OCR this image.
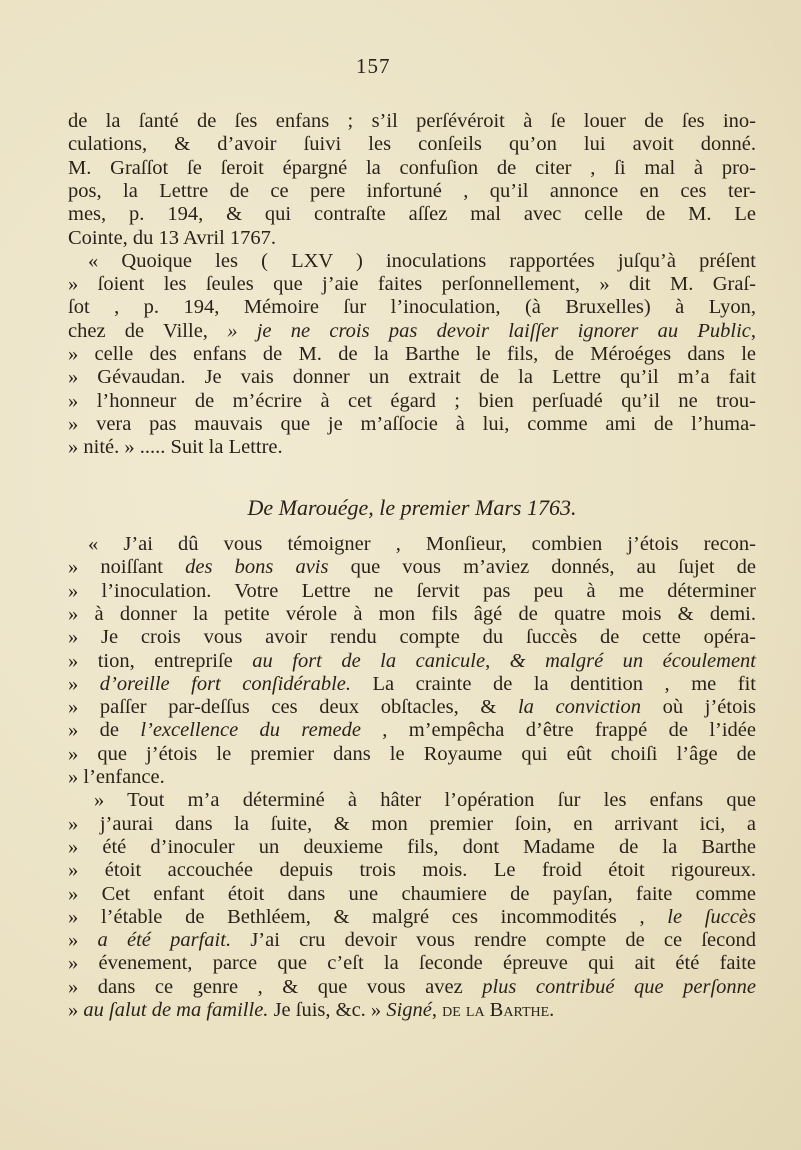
157
de la ſanté de ſes enfans ; s’il perſévéroit à ſe louer de ſes ino-
culations, & d’avoir ſuivi les conſeils qu’on lui avoit donné.
M. Graſſot ſe ſeroit épargné la confuſion de citer , ſi mal à pro-
pos, la Lettre de ce pere infortuné , qu’il annonce en ces ter-
mes, p. 194, & qui contraſte aſſez mal avec celle de M. Le
Cointe, du 13 Avril 1767.
« Quoique les ( LXV ) inoculations rapportées juſqu’à préſent
» ſoient les ſeules que j’aie faites perſonnellement, » dit M. Graſ-
ſot , p. 194, Mémoire ſur l’inoculation, (à Bruxelles) à Lyon,
chez de Ville, » je ne crois pas devoir laiſſer ignorer au Public,
» celle des enfans de M. de la Barthe le fils, de Méroéges dans le
» Gévaudan. Je vais donner un extrait de la Lettre qu’il m’a fait
» l’honneur de m’écrire à cet égard ; bien perſuadé qu’il ne trou-
» vera pas mauvais que je m’aſſocie à lui, comme ami de l’huma-
» nité. » ..... Suit la Lettre.
De Marouége, le premier Mars 1763.
« J’ai dû vous témoigner , Monſieur, combien j’étois recon-
» noiſſant des bons avis que vous m’aviez donnés, au ſujet de
» l’inoculation. Votre Lettre ne ſervit pas peu à me déterminer
» à donner la petite vérole à mon fils âgé de quatre mois & demi.
» Je crois vous avoir rendu compte du ſuccès de cette opéra-
» tion, entrepriſe au fort de la canicule, & malgré un écoulement
» d’oreille fort conſidérable. La crainte de la dentition , me fit
» paſſer par-deſſus ces deux obſtacles, & la conviction où j’étois
» de l’excellence du remede , m’empêcha d’être frappé de l’idée
» que j’étois le premier dans le Royaume qui eût choiſi l’âge de
» l’enfance.
» Tout m’a déterminé à hâter l’opération ſur les enfans que
» j’aurai dans la ſuite, & mon premier ſoin, en arrivant ici, a
» été d’inoculer un deuxieme fils, dont Madame de la Barthe
» étoit accouchée depuis trois mois. Le froid étoit rigoureux.
» Cet enfant étoit dans une chaumiere de payſan, faite comme
» l’étable de Bethléem, & malgré ces incommodités , le ſuccès
» a été parfait. J’ai cru devoir vous rendre compte de ce ſecond
» évenement, parce que c’eſt la ſeconde épreuve qui ait été faite
» dans ce genre , & que vous avez plus contribué que perſonne
» au ſalut de ma famille. Je ſuis, &c. » Signé, de la Barthe.
